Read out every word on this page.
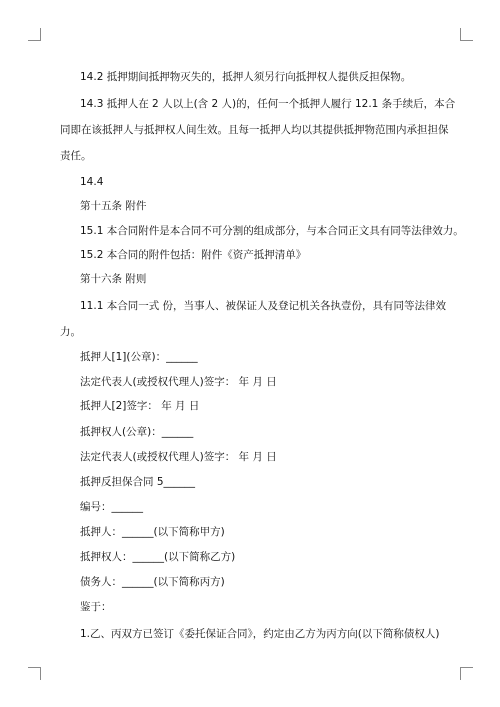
14.2 抵押期间抵押物灭失的，抵押人须另行向抵押权人提供反担保物。
14.3 抵押人在 2 人以上(含 2 人)的，任何一个抵押人履行 12.1 条手续后，本合
同即在该抵押人与抵押权人间生效。且每一抵押人均以其提供抵押物范围内承担担保
责任。
14.4
第十五条 附件
15.1 本合同附件是本合同不可分割的组成部分，与本合同正文具有同等法律效力。
15.2 本合同的附件包括：附件《资产抵押清单》
第十六条 附则
11.1 本合同一式 份，当事人、被保证人及登记机关各执壹份，具有同等法律效
力。
抵押人[1](公章)：______
法定代表人(或授权代理人)签字： 年 月 日
抵押人[2]签字： 年 月 日
抵押权人(公章)：______
法定代表人(或授权代理人)签字： 年 月 日
抵押反担保合同 5______
编号：______
抵押人：______(以下简称甲方)
抵押权人：______(以下简称乙方)
债务人：______(以下简称丙方)
鉴于：
1.乙、丙双方已签订《委托保证合同》，约定由乙方为丙方向(以下简称债权人)
